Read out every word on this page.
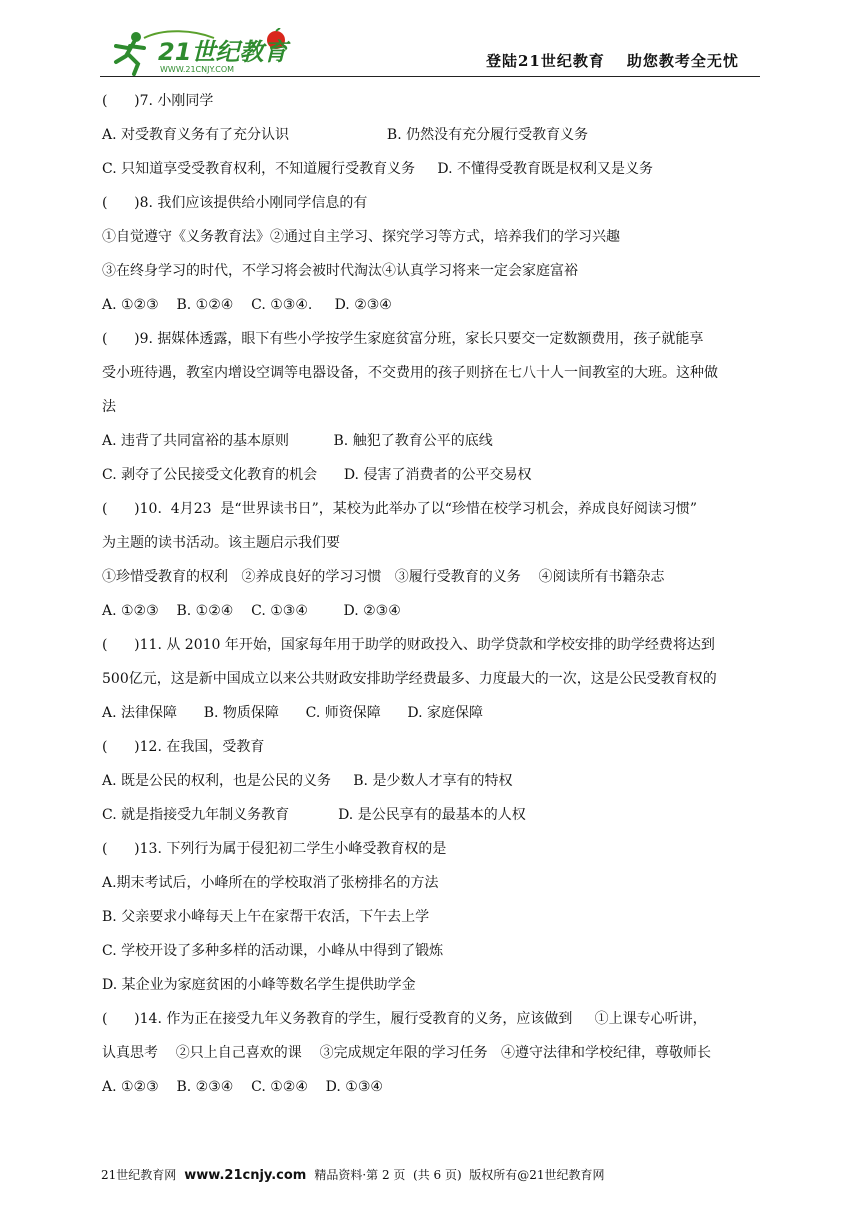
21世纪教育
WWW.21CNJY.COM	登陆21世纪教育 助您教考全无忧
(      )7. 小刚同学
A. 对受教育义务有了充分认识                      B. 仍然没有充分履行受教育义务
C. 只知道享受受教育权利，不知道履行受教育义务     D. 不懂得受教育既是权利又是义务
(      )8. 我们应该提供给小刚同学信息的有
①自觉遵守《义务教育法》②通过自主学习、探究学习等方式，培养我们的学习兴趣
③在终身学习的时代，不学习将会被时代淘汰④认真学习将来一定会家庭富裕
A. ①②③    B. ①②④    C. ①③④.     D. ②③④
(      )9. 据媒体透露，眼下有些小学按学生家庭贫富分班，家长只要交一定数额费用，孩子就能享
受小班待遇，教室内增设空调等电器设备，不交费用的孩子则挤在七八十人一间教室的大班。这种做
法
A. 违背了共同富裕的基本原则          B. 触犯了教育公平的底线
C. 剥夺了公民接受文化教育的机会      D. 侵害了消费者的公平交易权
(      )10.  4月23  是“世界读书日”，某校为此举办了以“珍惜在校学习机会，养成良好阅读习惯”
为主题的读书活动。该主题启示我们要
①珍惜受教育的权利   ②养成良好的学习习惯   ③履行受教育的义务    ④阅读所有书籍杂志
A. ①②③    B. ①②④    C. ①③④        D. ②③④
(      )11. 从 2010 年开始，国家每年用于助学的财政投入、助学贷款和学校安排的助学经费将达到
500亿元，这是新中国成立以来公共财政安排助学经费最多、力度最大的一次，这是公民受教育权的
A. 法律保障      B. 物质保障      C. 师资保障      D. 家庭保障
(      )12. 在我国，受教育
A. 既是公民的权利，也是公民的义务     B. 是少数人才享有的特权
C. 就是指接受九年制义务教育           D. 是公民享有的最基本的人权
(      )13. 下列行为属于侵犯初二学生小峰受教育权的是
A.期末考试后，小峰所在的学校取消了张榜排名的方法
B. 父亲要求小峰每天上午在家帮干农活，下午去上学
C. 学校开设了多种多样的活动课，小峰从中得到了锻炼
D. 某企业为家庭贫困的小峰等数名学生提供助学金
(      )14. 作为正在接受九年义务教育的学生，履行受教育的义务，应该做到     ①上课专心听讲，
认真思考    ②只上自己喜欢的课    ③完成规定年限的学习任务   ④遵守法律和学校纪律，尊敬师长
A. ①②③    B. ②③④    C. ①②④    D. ①③④
21世纪教育网 www.21cnjy.com 精品资料·第 2 页  (共 6 页)  版权所有@21世纪教育网
